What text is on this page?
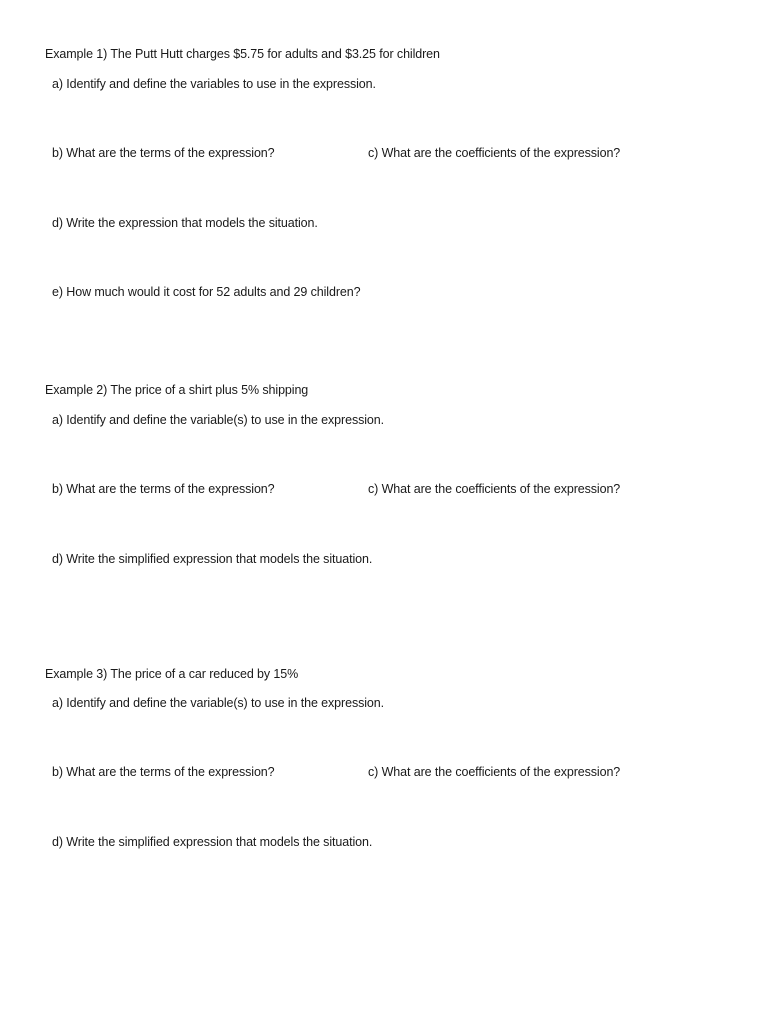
Example 1) The Putt Hutt charges $5.75 for adults and $3.25 for children
a) Identify and define the variables to use in the expression.
b) What are the terms of the expression?	c) What are the coefficients of the expression?
d) Write the expression that models the situation.
e) How much would it cost for 52 adults and 29 children?
Example 2) The price of a shirt plus 5% shipping
a) Identify and define the variable(s) to use in the expression.
b) What are the terms of the expression?	c) What are the coefficients of the expression?
d) Write the simplified expression that models the situation.
Example 3) The price of a car reduced by 15%
a) Identify and define the variable(s) to use in the expression.
b) What are the terms of the expression?	c) What are the coefficients of the expression?
d) Write the simplified expression that models the situation.
